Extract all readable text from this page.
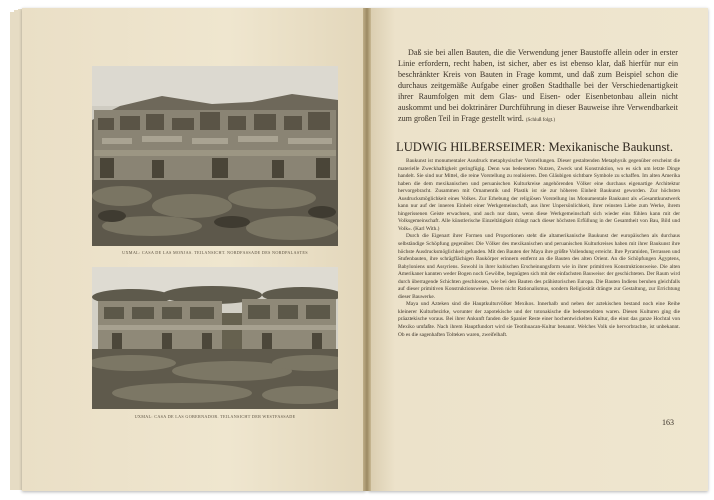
UXMAL: CASA DE LAS MONJAS. TEILANSICHT. NORDFASSADE DES NORDPALASTES
UXMAL: CASA DE LAS GOBERNADOR. TEILANSICHT DER WESTFASSADE
Daß sie bei allen Bauten, die die Verwendung jener Baustoffe allein oder in erster Linie erfordern, recht haben, ist sicher, aber es ist ebenso klar, daß hierfür nur ein beschränkter Kreis von Bauten in Frage kommt, und daß zum Beispiel schon die durchaus zeitgemäße Aufgabe einer großen Stadthalle bei der Verschiedenartigkeit ihrer Raumfolgen mit dem Glas- und Eisen- oder Eisenbetonbau allein nicht auskommt und bei doktrinärer Durchführung in dieser Bauweise ihre Verwendbarkeit zum großen Teil in Frage gestellt wird. (Schluß folgt.)
LUDWIG HILBERSEIMER: Mexikanische Baukunst.

Baukunst ist monumentaler Ausdruck metaphysischer Vorstellungen. Dieser gestaltenden Metaphysik gegenüber erscheint die materielle Zweckhaftigkeit geringfügig. Denn was bedeuteten Nutzen, Zweck und Konstruktion, wo es sich um letzte Dinge handelt. Sie sind nur Mittel, die reine Vorstellung zu realisieren. Den Gläubigen sichtbare Symbole zu schaffen. Im alten Amerika haben die dem mexikanischen und peruanischen Kulturkreise angehörenden Völker eine durchaus eigenartige Architektur hervorgebracht. Zusammen mit Ornamentik und Plastik ist sie zur höheren Einheit Baukunst geworden. Zur höchsten Ausdrucksmöglichkeit eines Volkes. Zur Erhebung der religiösen Vorstellung ins Monumentale Baukunst als »Gesamtkunstwerk kann nur auf der inneren Einheit einer Werkgemeinschaft, aus ihrer Unpersönlichkeit, ihrer reinsten Liebe zum Werke, ihrem hingerissenen Geiste erwachsen, und auch nur dann, wenn diese Werkgemeinschaft sich wieder eins fühlen kann mit der Volksgemeinschaft. Alle künstlerische Einzeltätigkeit drängt nach dieser höchsten Erfüllung in der Gesamtheit von Bau, Bild und Volk«. (Karl With.)

Durch die Eigenart ihrer Formen und Proportionen steht die altamerikanische Baukunst der europäischen als durchaus selbständige Schöpfung gegenüber. Die Völker des mexikanischen und peruanischen Kulturkreises haben mit ihrer Baukunst ihre höchste Ausdrucksmöglichkeit gefunden. Mit den Bauten der Maya ihre größte Vollendung erreicht. Ihre Pyramiden, Terrassen und Stufenbauten, ihre schrägflächigen Baukörper erinnern entfernt an die Bauten des alten Orient. An die Schöpfungen Ägyptens, Babyloniens und Assyriens. Sowohl in ihrer kubischen Erscheinungsform wie in ihrer primitiven Konstruktionsweise. Die alten Amerikaner kannten weder Bogen noch Gewölbe, begnügten sich mit der einfachsten Bauweise: der geschichteten. Der Raum wird durch überragende Schichten geschlossen, wie bei den Bauten des prähistorischen Europa. Die Bauten Indiens beruhen gleichfalls auf dieser primitiven Konstruktionsweise. Deren nicht Rationalismus, sondern Religiosität drängte zur Gestaltung, zur Errichtung dieser Bauwerke.

Maya und Azteken sind die Hauptkulturvölker Mexikos. Innerhalb und neben der aztekischen bestand noch eine Reihe kleinerer Kulturbezirke, worunter der zapotekische und der totonakische die bedeutendsten waren. Diesen Kulturen ging die präaztekische voraus. Bei ihrer Ankunft fanden die Spanier Reste einer hochentwickelten Kultur, die einst das ganze Hochtal von Mexiko umfaßte. Nach ihrem Hauptfundort wird sie Teotihuacan-Kultur benannt. Welches Volk sie hervorbrachte, ist unbekannt. Ob es die sagenhaften Tolteken waren, zweifelhaft.

163
